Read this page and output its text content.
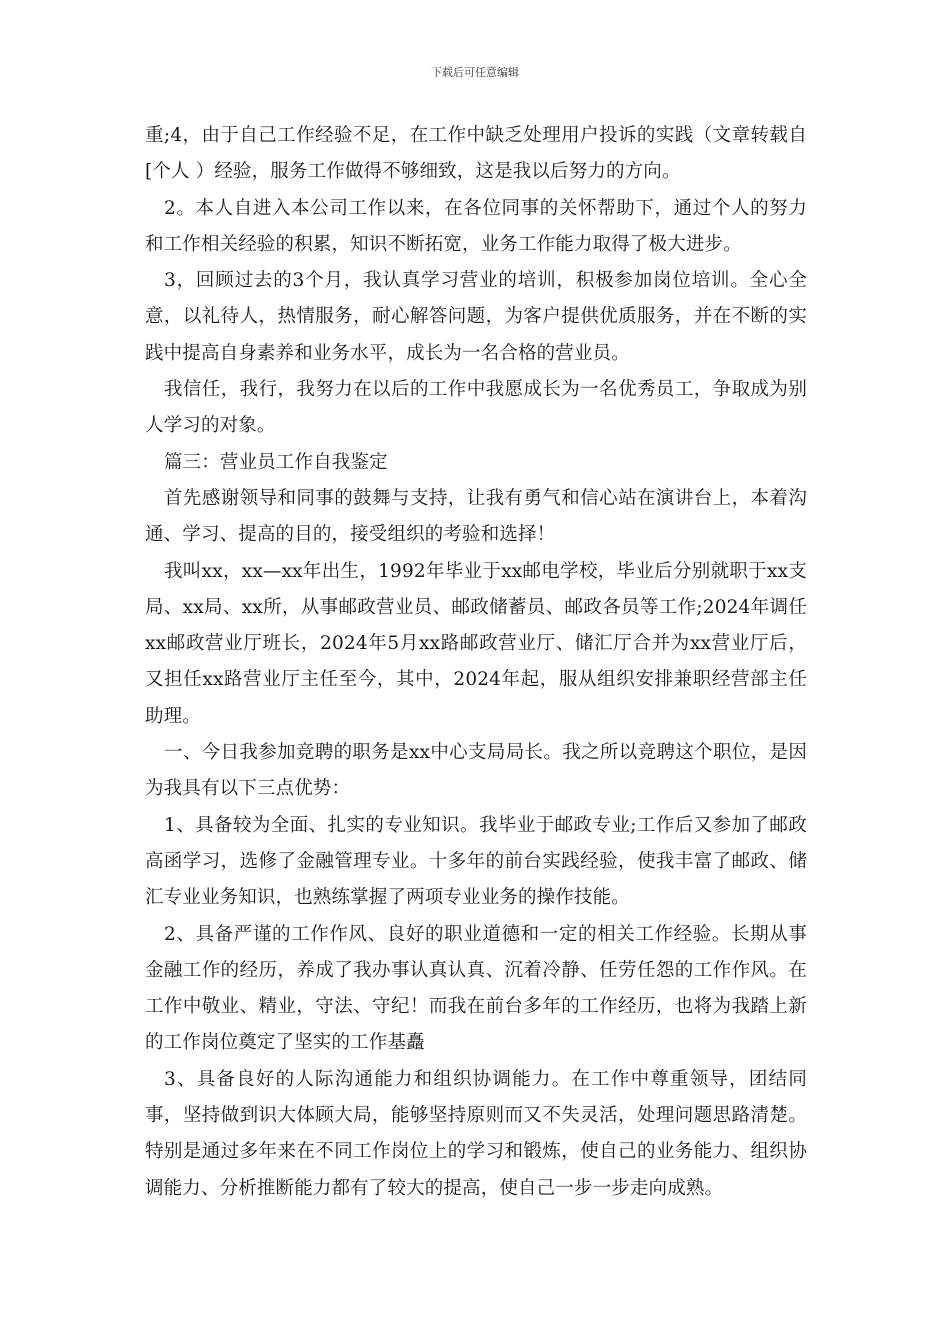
下载后可任意编辑

重;4，由于自己工作经验不足，在工作中缺乏处理用户投诉的实践（文章转载自[个人 ）经验，服务工作做得不够细致，这是我以后努力的方向。

2。本人自进入本公司工作以来，在各位同事的关怀帮助下，通过个人的努力和工作相关经验的积累，知识不断拓宽，业务工作能力取得了极大进步。

3，回顾过去的3个月，我认真学习营业的培训，积极参加岗位培训。全心全意，以礼待人，热情服务，耐心解答问题，为客户提供优质服务，并在不断的实践中提高自身素养和业务水平，成长为一名合格的营业员。

我信任，我行，我努力在以后的工作中我愿成长为一名优秀员工，争取成为别人学习的对象。

篇三：营业员工作自我鉴定

首先感谢领导和同事的鼓舞与支持，让我有勇气和信心站在演讲台上，本着沟通、学习、提高的目的，接受组织的考验和选择！

我叫xx，xx—xx年出生，1992年毕业于xx邮电学校，毕业后分别就职于xx支局、xx局、xx所，从事邮政营业员、邮政储蓄员、邮政各员等工作;2024年调任xx邮政营业厅班长，2024年5月xx路邮政营业厅、储汇厅合并为xx营业厅后，又担任xx路营业厅主任至今，其中，2024年起，服从组织安排兼职经营部主任助理。

一、今日我参加竞聘的职务是xx中心支局局长。我之所以竞聘这个职位，是因为我具有以下三点优势：

1、具备较为全面、扎实的专业知识。我毕业于邮政专业;工作后又参加了邮政高函学习，选修了金融管理专业。十多年的前台实践经验，使我丰富了邮政、储汇专业业务知识，也熟练掌握了两项专业业务的操作技能。

2、具备严谨的工作作风、良好的职业道德和一定的相关工作经验。长期从事金融工作的经历，养成了我办事认真认真、沉着冷静、任劳任怨的工作作风。在工作中敬业、精业，守法、守纪！而我在前台多年的工作经历，也将为我踏上新的工作岗位奠定了坚实的工作基矗

3、具备良好的人际沟通能力和组织协调能力。在工作中尊重领导，团结同事，坚持做到识大体顾大局，能够坚持原则而又不失灵活，处理问题思路清楚。特别是通过多年来在不同工作岗位上的学习和锻炼，使自己的业务能力、组织协调能力、分析推断能力都有了较大的提高，使自己一步一步走向成熟。
